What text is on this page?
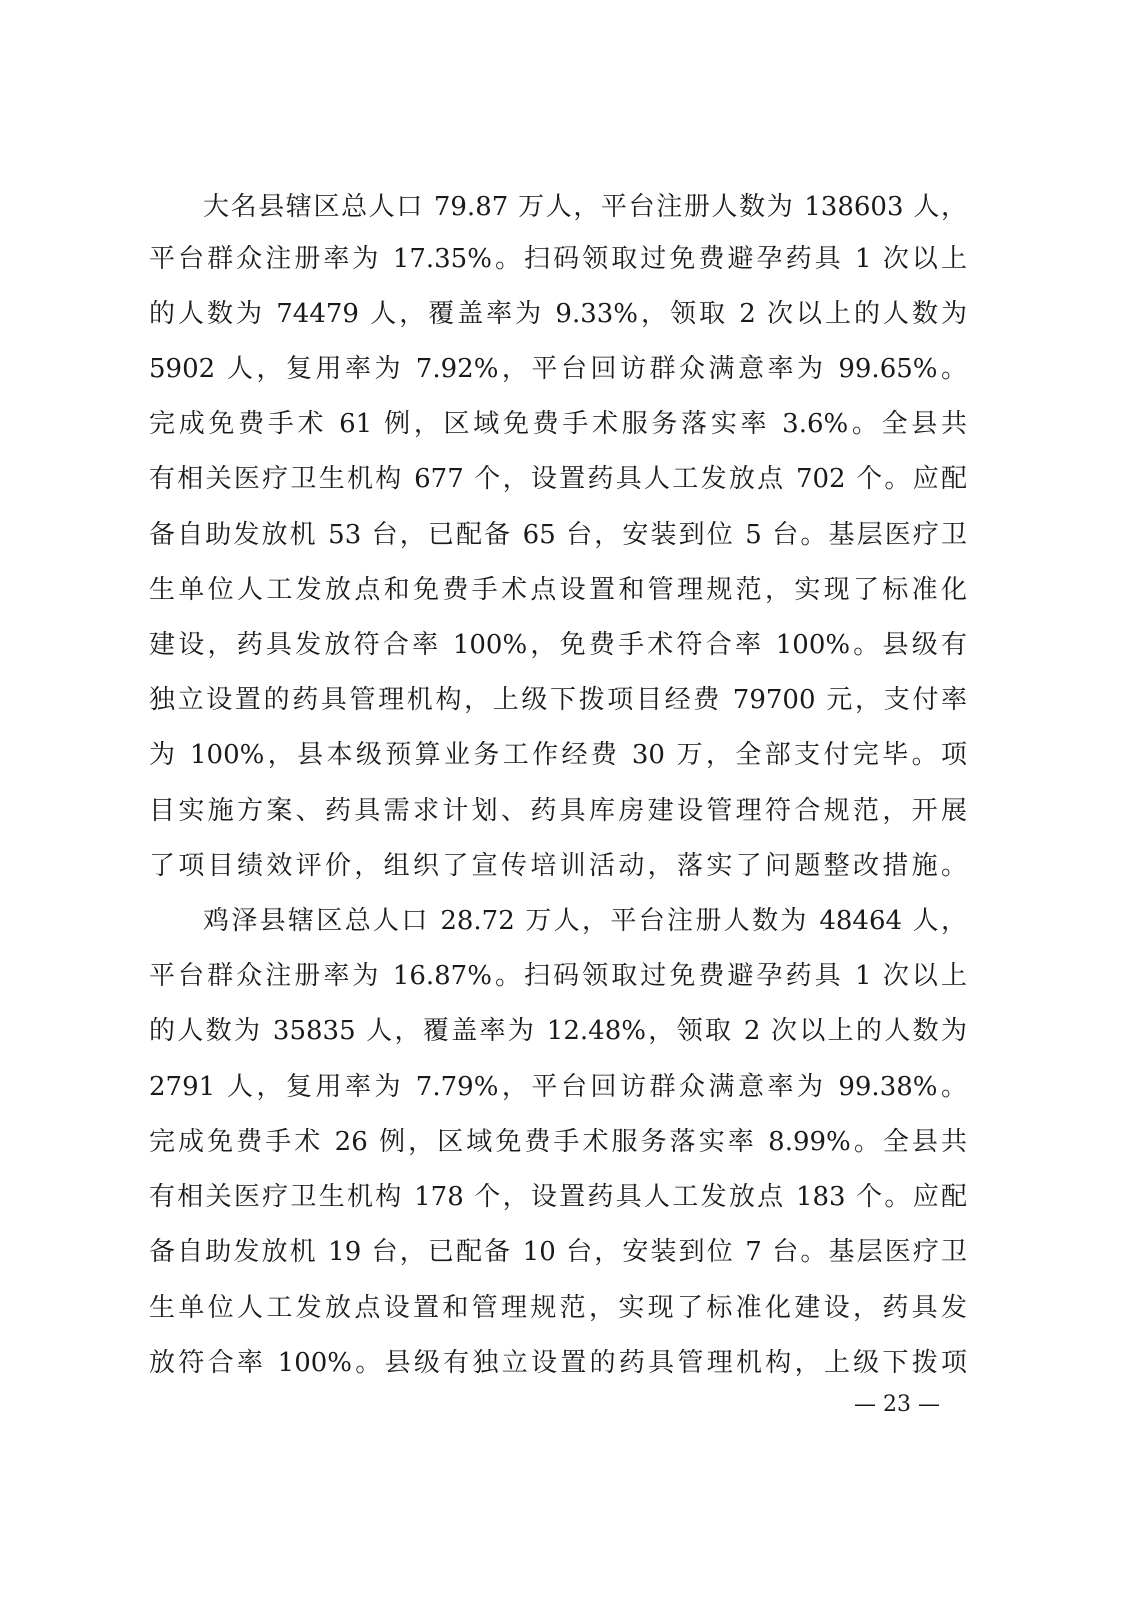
大名县辖区总人口 79.87 万人，平台注册人数为 138603 人，
平台群众注册率为 17.35%。扫码领取过免费避孕药具 1 次以上
的人数为 74479 人，覆盖率为 9.33%，领取 2 次以上的人数为
5902 人，复用率为 7.92%，平台回访群众满意率为 99.65%。
完成免费手术 61 例，区域免费手术服务落实率 3.6%。全县共
有相关医疗卫生机构 677 个，设置药具人工发放点 702 个。应配
备自助发放机 53 台，已配备 65 台，安装到位 5 台。基层医疗卫
生单位人工发放点和免费手术点设置和管理规范，实现了标准化
建设，药具发放符合率 100%，免费手术符合率 100%。县级有
独立设置的药具管理机构，上级下拨项目经费 79700 元，支付率
为 100%，县本级预算业务工作经费 30 万，全部支付完毕。项
目实施方案、药具需求计划、药具库房建设管理符合规范，开展
了项目绩效评价，组织了宣传培训活动，落实了问题整改措施。
鸡泽县辖区总人口 28.72 万人，平台注册人数为 48464 人，
平台群众注册率为 16.87%。扫码领取过免费避孕药具 1 次以上
的人数为 35835 人，覆盖率为 12.48%，领取 2 次以上的人数为
2791 人，复用率为 7.79%，平台回访群众满意率为 99.38%。
完成免费手术 26 例，区域免费手术服务落实率 8.99%。全县共
有相关医疗卫生机构 178 个，设置药具人工发放点 183 个。应配
备自助发放机 19 台，已配备 10 台，安装到位 7 台。基层医疗卫
生单位人工发放点设置和管理规范，实现了标准化建设，药具发
放符合率 100%。县级有独立设置的药具管理机构，上级下拨项
— 23 —
